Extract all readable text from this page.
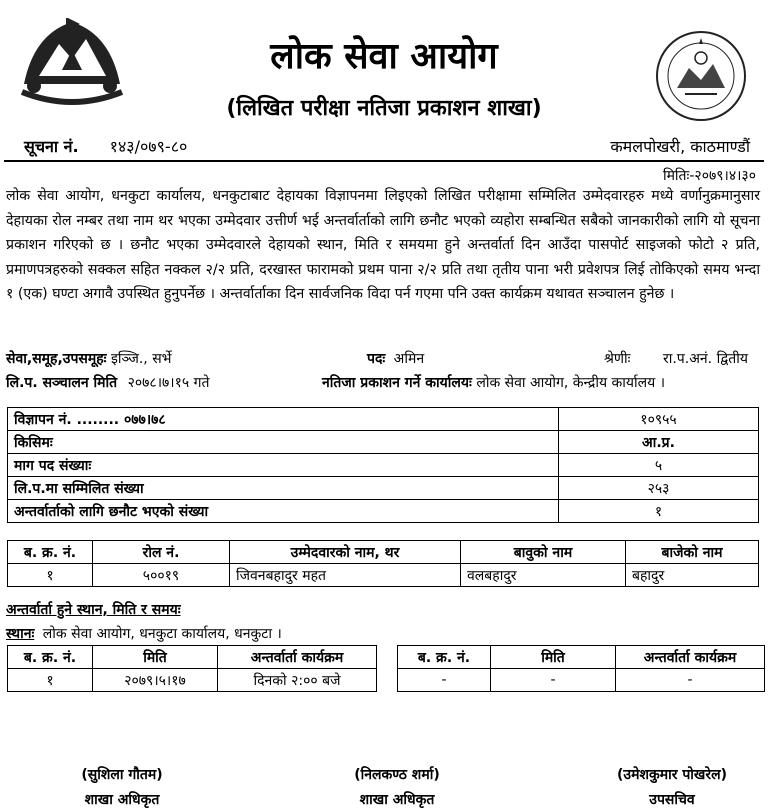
लोक सेवा आयोग
(लिखित परीक्षा नतिजा प्रकाशन शाखा)
सूचना नं. १४३/०७९-८०	कमलपोखरी, काठमाण्डौं
मितिः-२०७९।४।३०
लोक सेवा आयोग, धनकुटा कार्यालय, धनकुटाबाट देहायका विज्ञापनमा लिइएको लिखित परीक्षामा सम्मिलित उम्मेदवारहरु मध्ये वर्णानुक्रमानुसार देहायका रोल नम्बर तथा नाम थर भएका उम्मेदवार उत्तीर्ण भई अन्तर्वार्ताको लागि छनौट भएको व्यहोरा सम्बन्धित सबैको जानकारीको लागि यो सूचना प्रकाशन गरिएको छ । छनौट भएका उम्मेदवारले देहायको स्थान, मिति र समयमा हुने अन्तर्वार्ता दिन आउँदा पासपोर्ट साइजको फोटो २ प्रति, प्रमाणपत्रहरुको सक्कल सहित नक्कल २/२ प्रति, दरखास्त फारामको प्रथम पाना २/२ प्रति तथा तृतीय पाना भरी प्रवेशपत्र लिई तोकिएको समय भन्दा १ (एक) घण्टा अगावै उपस्थित हुनुपर्नेछ । अन्तर्वार्ताका दिन सार्वजनिक विदा पर्न गएमा पनि उक्त कार्यक्रम यथावत सञ्चालन हुनेछ ।
सेवा,समूह,उपसमूहः इञ्जि., सर्भे	पदः अमिन	श्रेणीः रा.प.अनं. द्वितीय
लि.प. सञ्चालन मिति २०७८।७।१५ गते	नतिजा प्रकाशन गर्ने कार्यालयः लोक सेवा आयोग, केन्द्रीय कार्यालय ।
विज्ञापन नं. ........ ०७७।७८	१०९५५
किसिमः	आ.प्र.
माग पद संख्याः	५
लि.प.मा सम्मिलित संख्या	२५३
अन्तर्वार्ताको लागि छनौट भएको संख्या	१
ब. क्र. नं.	रोल नं.	उम्मेदवारको नाम, थर	बावुको नाम	बाजेको नाम
१	५००१९	जिवनबहादुर महत	वलबहादुर	बहादुर
अन्तर्वार्ता हुने स्थान, मिति र समयः
स्थानः लोक सेवा आयोग, धनकुटा कार्यालय, धनकुटा ।
ब. क्र. नं.	मिति	अन्तर्वार्ता कार्यक्रम
१	२०७९।५।१७	दिनको २:०० बजे
ब. क्र. नं.	मिति	अन्तर्वार्ता कार्यक्रम
-	-	-
(सुशिला गौतम)
शाखा अधिकृत
(निलकण्ठ शर्मा)
शाखा अधिकृत
(उमेशकुमार पोखरेल)
उपसचिव
